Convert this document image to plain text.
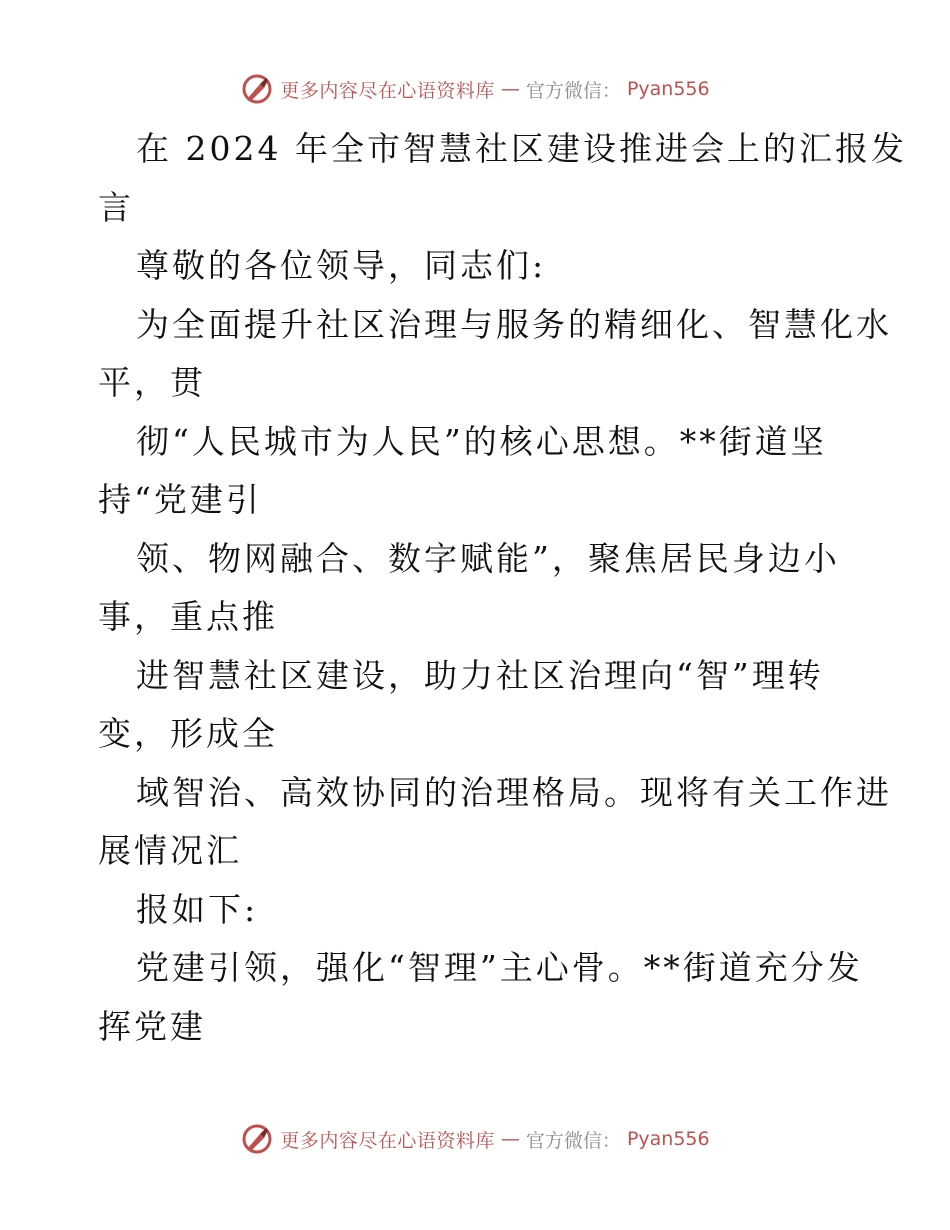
更多内容尽在心语资料库 — 官方微信： Pyan556
在 2024 年全市智慧社区建设推进会上的汇报发
言
尊敬的各位领导，同志们:
为全面提升社区治理与服务的精细化、智慧化水
平，贯
彻“人民城市为人民”的核心思想。**街道坚
持“党建引
领、物网融合、数字赋能”，聚焦居民身边小
事，重点推
进智慧社区建设，助力社区治理向“智”理转
变，形成全
域智治、高效协同的治理格局。现将有关工作进
展情况汇
报如下:
党建引领，强化“智理”主心骨。**街道充分发
挥党建
更多内容尽在心语资料库 — 官方微信： Pyan556
